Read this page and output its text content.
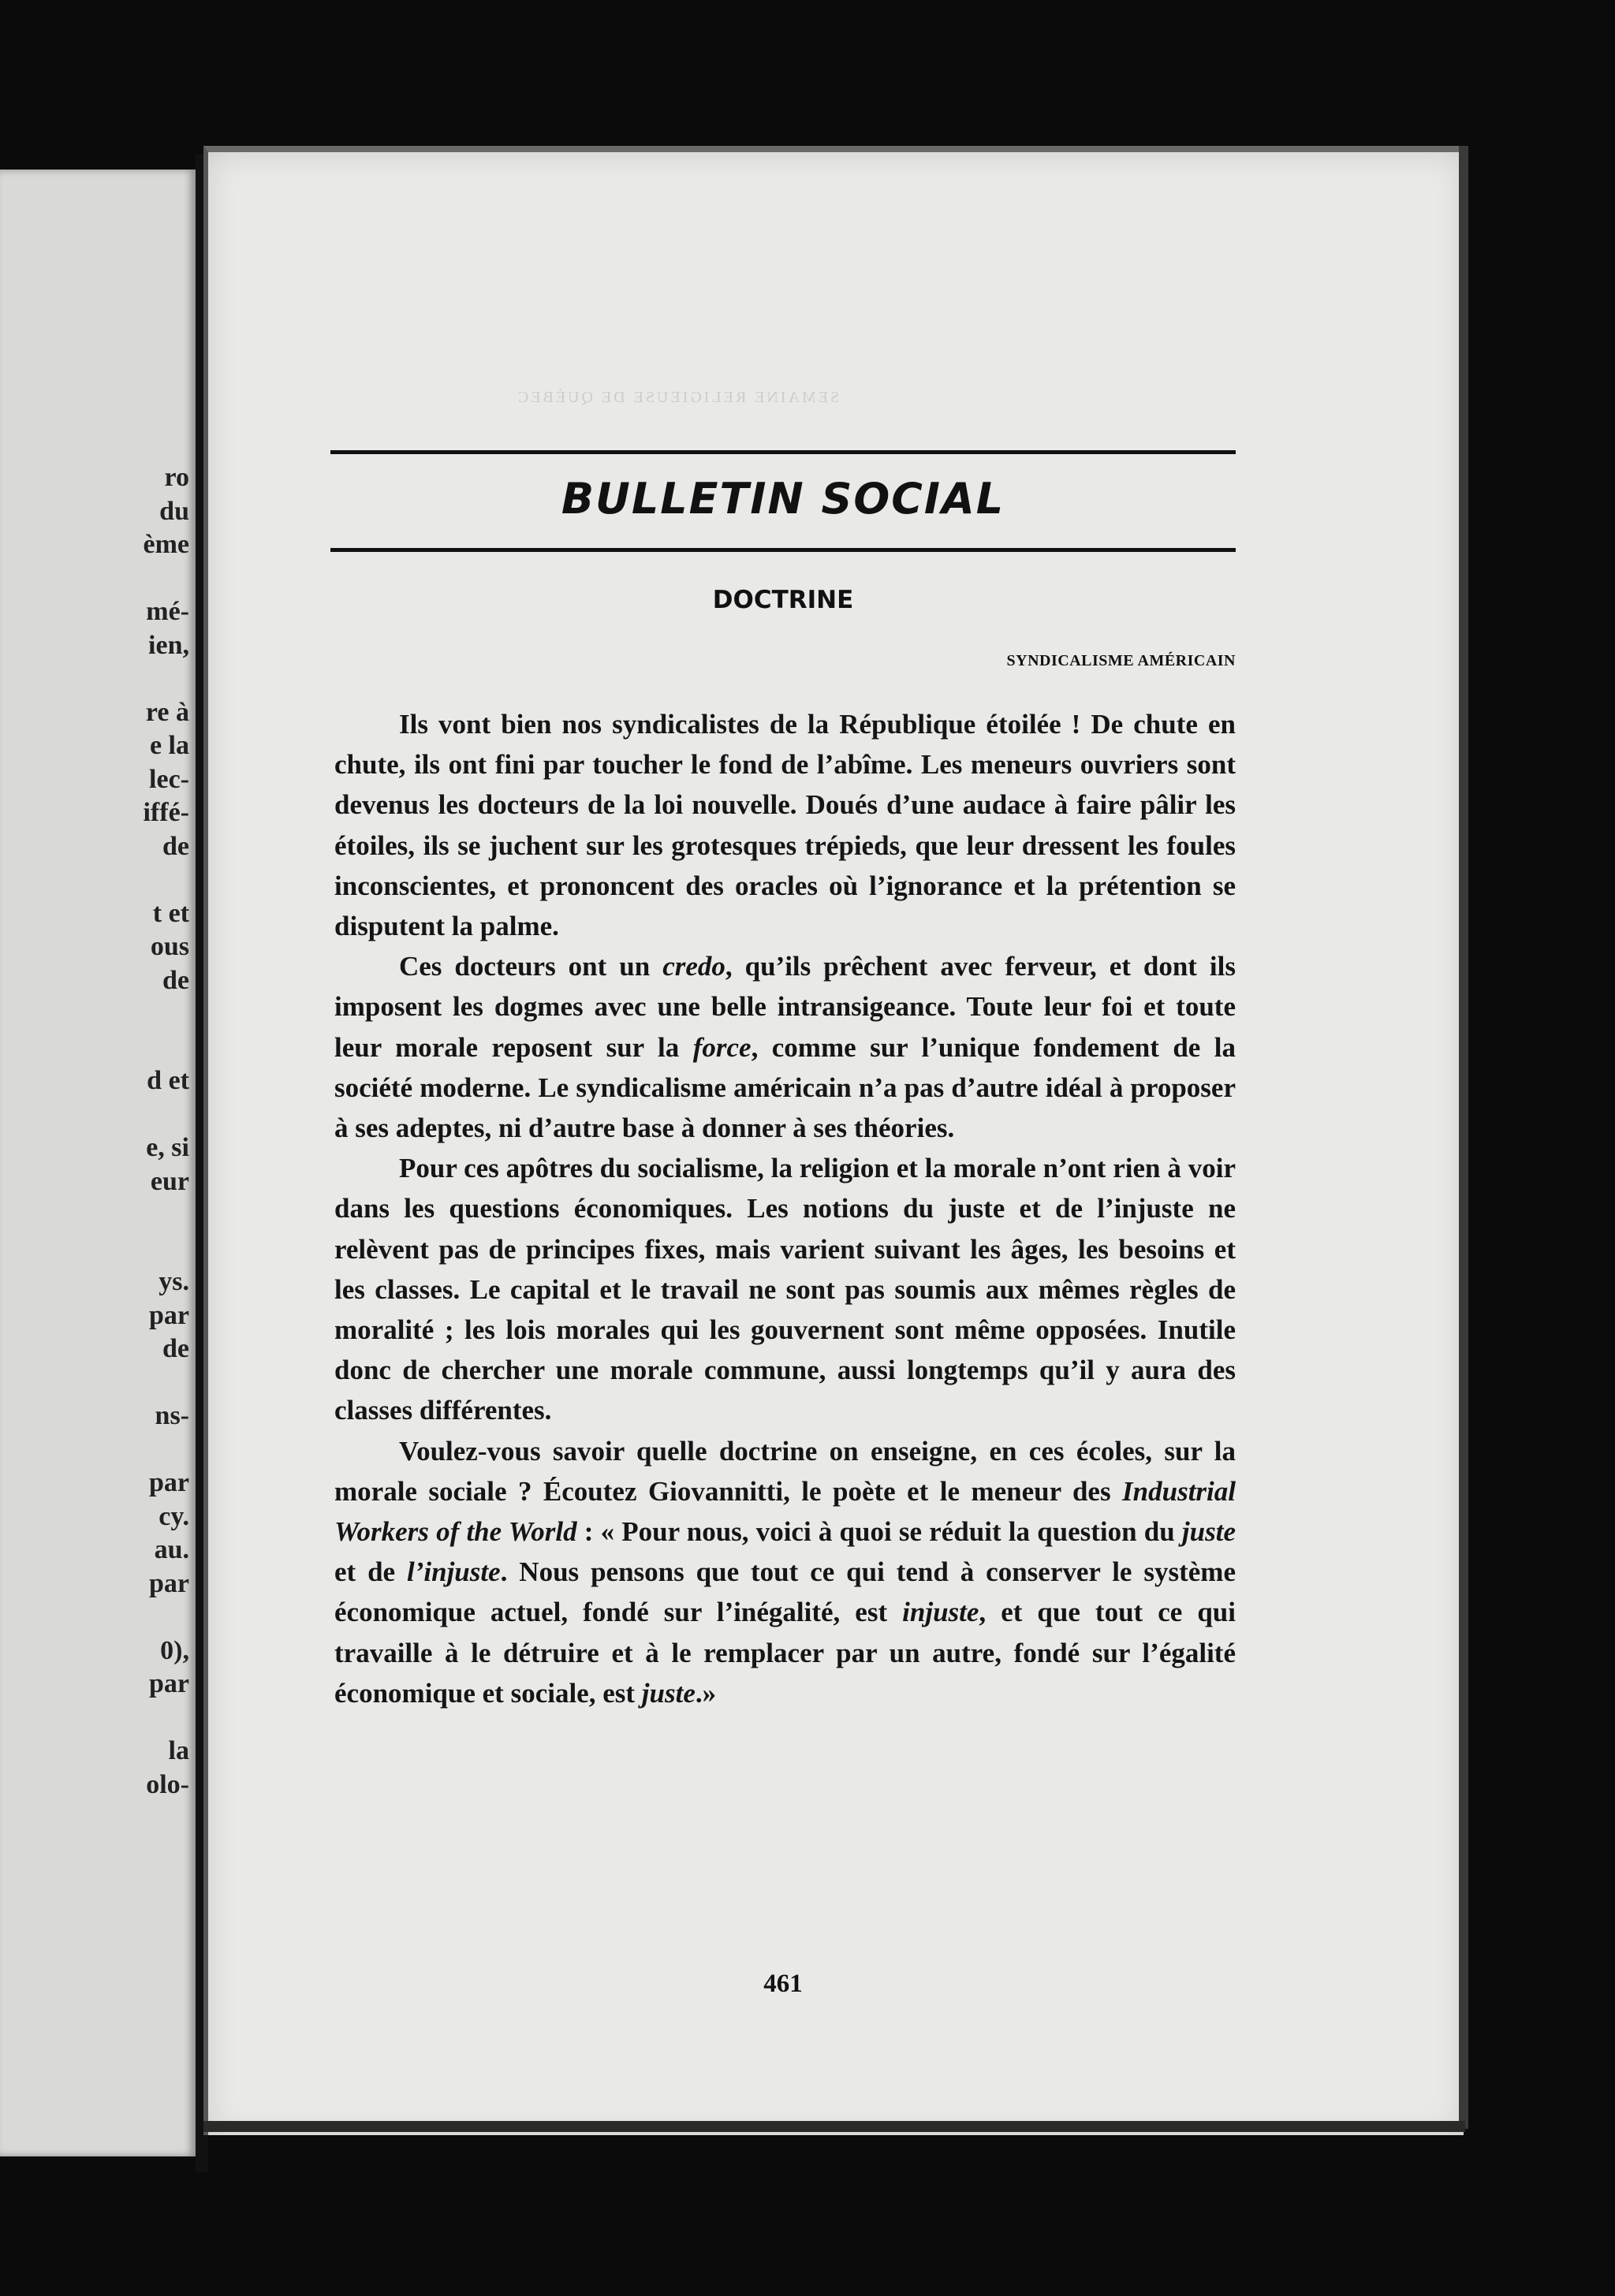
ro
du
ème
mé-
ien,
re à
e la
lec-
iffé-
de
t et
ous
de
d et
e, si
eur
ys.
par
de
ns-
par
cy.
au.
par
0),
par
la
olo-
SEMAINE RELIGIEUSE DE QUÉBEC
BULLETIN SOCIAL
DOCTRINE
SYNDICALISME AMÉRICAIN

Ils vont bien nos syndicalistes de la République étoilée ! De chute en chute, ils ont fini par toucher le fond de l’abîme. Les meneurs ouvriers sont devenus les docteurs de la loi nouvelle. Doués d’une audace à faire pâlir les étoiles, ils se juchent sur les grotesques trépieds, que leur dressent les foules inconscientes, et prononcent des oracles où l’ignorance et la prétention se disputent la palme.

Ces docteurs ont un credo, qu’ils prêchent avec ferveur, et dont ils imposent les dogmes avec une belle intransigeance. Toute leur foi et toute leur morale reposent sur la force, comme sur l’unique fondement de la société moderne. Le syndicalisme américain n’a pas d’autre idéal à proposer à ses adeptes, ni d’autre base à donner à ses théories.

Pour ces apôtres du socialisme, la religion et la morale n’ont rien à voir dans les questions économiques. Les notions du juste et de l’injuste ne relèvent pas de principes fixes, mais varient suivant les âges, les besoins et les classes. Le capital et le travail ne sont pas soumis aux mêmes règles de moralité ; les lois morales qui les gouvernent sont même opposées. Inutile donc de chercher une morale commune, aussi longtemps qu’il y aura des classes différentes.

Voulez-vous savoir quelle doctrine on enseigne, en ces écoles, sur la morale sociale ? Écoutez Giovannitti, le poète et le meneur des Industrial Workers of the World : « Pour nous, voici à quoi se réduit la question du juste et de l’injuste. Nous pensons que tout ce qui tend à conserver le système économique actuel, fondé sur l’inégalité, est injuste, et que tout ce qui travaille à le détruire et à le remplacer par un autre, fondé sur l’égalité économique et sociale, est juste.»

461
